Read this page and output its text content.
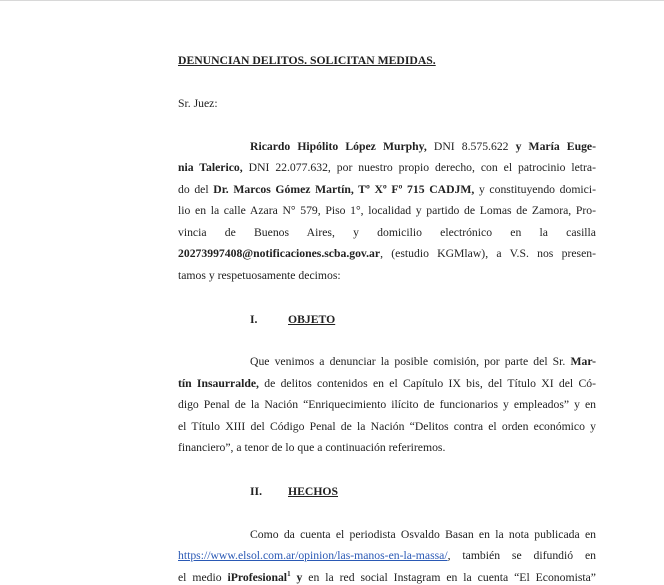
DENUNCIAN DELITOS. SOLICITAN MEDIDAS.
Sr. Juez:
Ricardo Hipólito López Murphy, DNI 8.575.622 y María Euge-
nia Talerico, DNI 22.077.632, por nuestro propio derecho, con el patrocinio letra-
do del Dr. Marcos Gómez Martín, Tº Xº Fº 715 CADJM, y constituyendo domici-
lio en la calle Azara N° 579, Piso 1°, localidad y partido de Lomas de Zamora, Pro-
vincia de Buenos Aires, y domicilio electrónico en la casilla
20273997408@notificaciones.scba.gov.ar, (estudio KGMlaw), a V.S. nos presen-
tamos y respetuosamente decimos:
I.	OBJETO
Que venimos a denunciar la posible comisión, por parte del Sr. Mar-
tín Insaurralde, de delitos contenidos en el Capítulo IX bis, del Título XI del Có-
digo Penal de la Nación “Enriquecimiento ilícito de funcionarios y empleados” y en
el Título XIII del Código Penal de la Nación “Delitos contra el orden económico y
financiero”, a tenor de lo que a continuación referiremos.
II. HECHOS
Como da cuenta el periodista Osvaldo Basan en la nota publicada en
https://www.elsol.com.ar/opinion/las-manos-en-la-massa/, también se difundió en
el medio iProfesional$^1$ y en la red social Instagram en la cuenta “El Economista”
